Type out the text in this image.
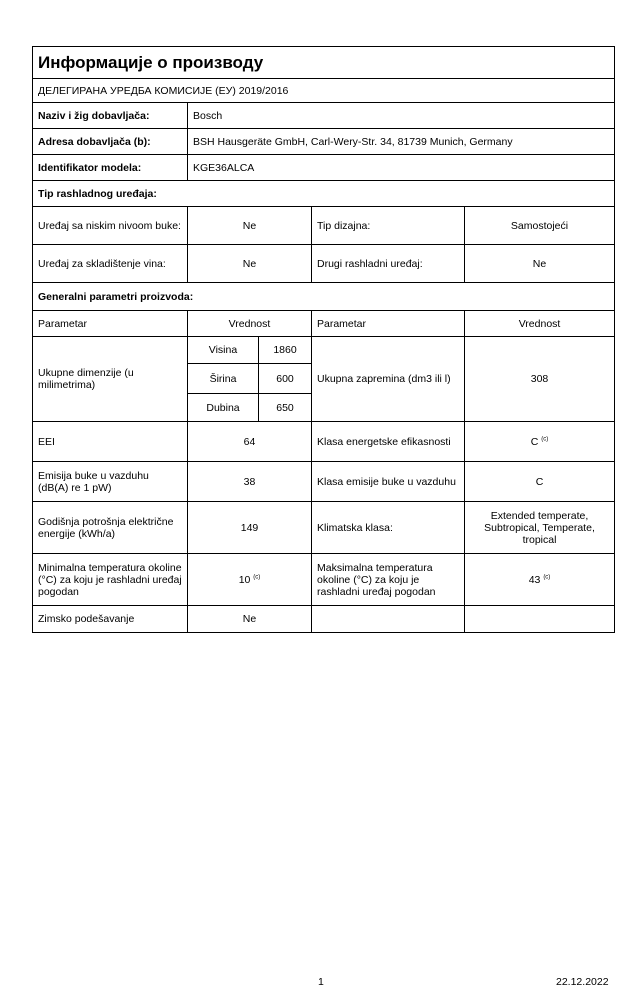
Информације о производу				
ДЕЛЕГИРАНА УРЕДБА КОМИСИЈЕ (ЕУ) 2019/2016				
Naziv i žig dobavljača:	Bosch			
Adresa dobavljača (b):	BSH Hausgeräte GmbH, Carl-Wery-Str. 34, 81739 Munich, Germany			
Identifikator modela:	KGE36ALCA			
Tip rashladnog uređaja:				
Uređaj sa niskim nivoom buke:	Ne		Tip dizajna:	Samostojeći
Uređaj za skladištenje vina:	Ne		Drugi rashladni uređaj:	Ne
Generalni parametri proizvoda:				
Parametar	Vrednost		Parametar	Vrednost
Ukupne dimenzije (u milimetrima)	Visina	1860	Ukupna zapremina (dm3 ili l)	308
	Širina	600		
	Dubina	650		
EEI	64		Klasa energetske efikasnosti	C $^{(c)}$
Emisija buke u vazduhu (dB(A) re 1 pW)	38		Klasa emisije buke u vazduhu	C
Godišnja potrošnja električne energije (kWh/a)	149		Klimatska klasa:	Extended temperate, Subtropical, Temperate, tropical
Minimalna temperatura okoline (°C) za koju je rashladni uređaj pogodan	10 $^{(c)}$		Maksimalna temperatura okoline (°C) za koju je rashladni uređaj pogodan	43 $^{(c)}$
Zimsko podešavanje	Ne			
1	22.12.2022
